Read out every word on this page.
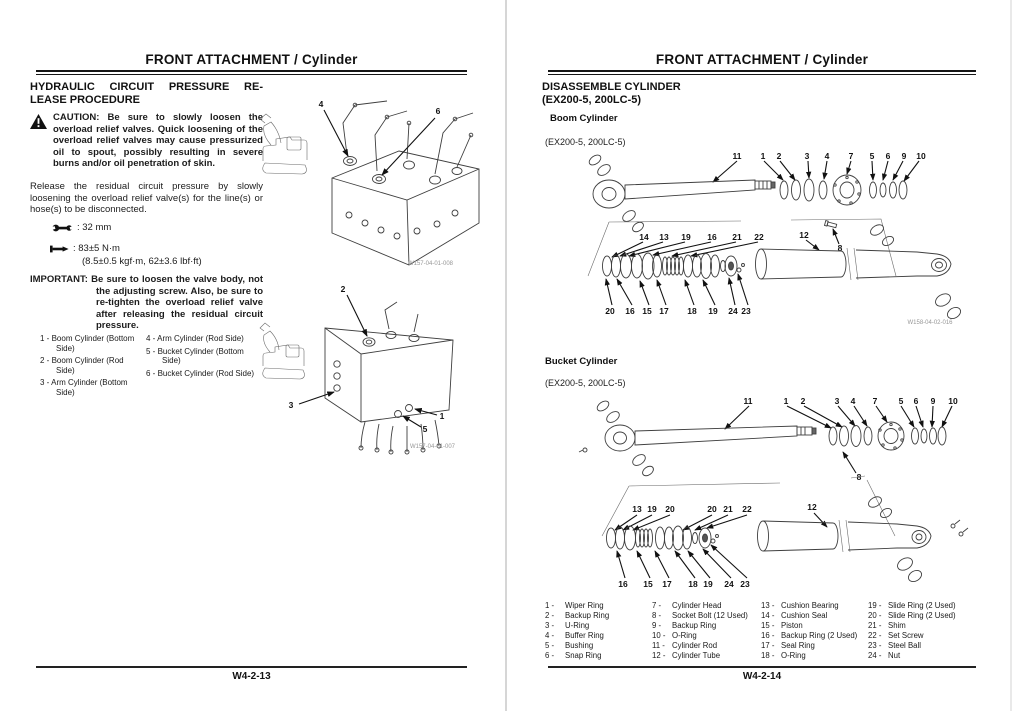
FRONT ATTACHMENT / Cylinder
HYDRAULIC CIRCUIT PRESSURE RE-
LEASE PROCEDURE
CAUTION: Be sure to slowly loosen the overload relief valves. Quick loosening of the overload relief valves may cause pressurized oil to spout, possibly resulting in severe burns and/or oil penetration of skin.
Release the residual circuit pressure by slowly loosening the overload relief valve(s) for the line(s) or hose(s) to be disconnected.
: 32 mm
: 83±5 N·m
(8.5±0.5 kgf·m, 62±3.6 lbf·ft)
IMPORTANT: Be sure to loosen the valve body, not the adjusting screw. Also, be sure to re-tighten the overload relief valve after releasing the residual circuit pressure.
1 - Boom Cylinder (Bottom Side)
2 - Boom Cylinder (Rod Side)
3 - Arm Cylinder (Bottom Side)
4 - Arm Cylinder (Rod Side)
5 - Bucket Cylinder (Bottom Side)
6 - Bucket Cylinder (Rod Side)
4
6
W157-04-01-008
2
3
1
5
W157-04-01-007
W4-2-13
FRONT ATTACHMENT / Cylinder
DISASSEMBLE CYLINDER
(EX200-5, 200LC-5)
Boom Cylinder
(EX200-5, 200LC-5)
11 1 2	3 4 7 5 6 9 10
8
14 13 19 16 21 22	12
20 16 15 17 18 19 24 23
W158-04-02-016
Bucket Cylinder
(EX200-5, 200LC-5)
11	1 2	3 4 7	5 6 9 10
8
13 19 20	20 21 22	12
16 15 17 18 19 24 23
1 - Wiper Ring
2 - Backup Ring
3 - U-Ring
4 - Buffer Ring
5 - Bushing
6 - Snap Ring
7 - Cylinder Head
8 - Socket Bolt (12 Used)
9 - Backup Ring
10 - O-Ring
11 - Cylinder Rod
12 - Cylinder Tube
13 - Cushion Bearing
14 - Cushion Seal
15 - Piston
16 - Backup Ring (2 Used)
17 - Seal Ring
18 - O-Ring
19 - Slide Ring (2 Used)
20 - Slide Ring (2 Used)
21 - Shim
22 - Set Screw
23 - Steel Ball
24 - Nut
W4-2-14
